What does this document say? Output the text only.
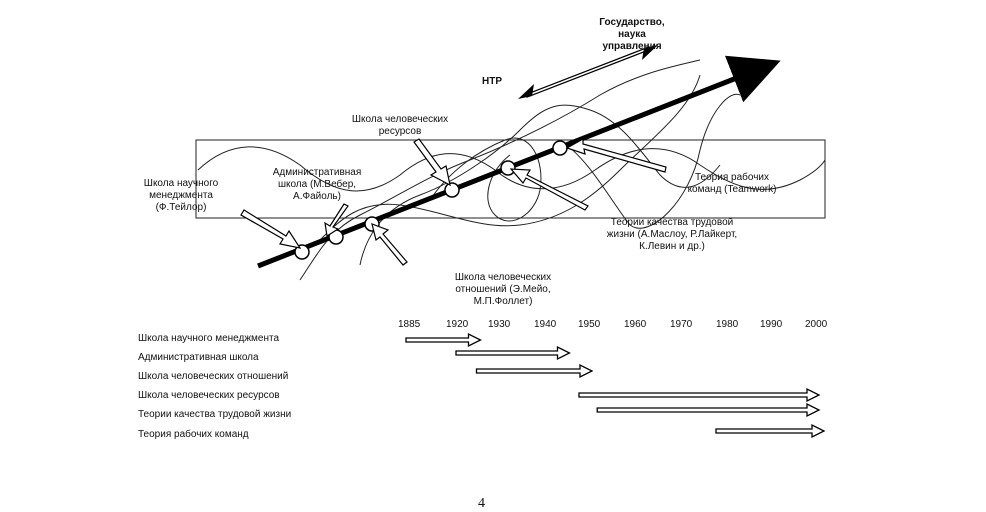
Государство,
наука
управления
НТР
Школа человеческих
ресурсов
Школа научного
менеджмента
(Ф.Тейлор)
Административная
школа (М.Вебер,
А.Файоль)
Теория рабочих
команд (Teamwork)
Теории качества трудовой
жизни (А.Маслоу, Р.Лайкерт,
К.Левин и др.)
Школа человеческих
отношений (Э.Мейо,
М.П.Фоллет)
1885	1920 1930 1940 1950 1960 1970 1980 1990 2000
Школа научного менеджмента
Административная школа
Школа человеческих отношений
Школа человеческих ресурсов
Теории качества трудовой жизни
Теория рабочих команд
4
